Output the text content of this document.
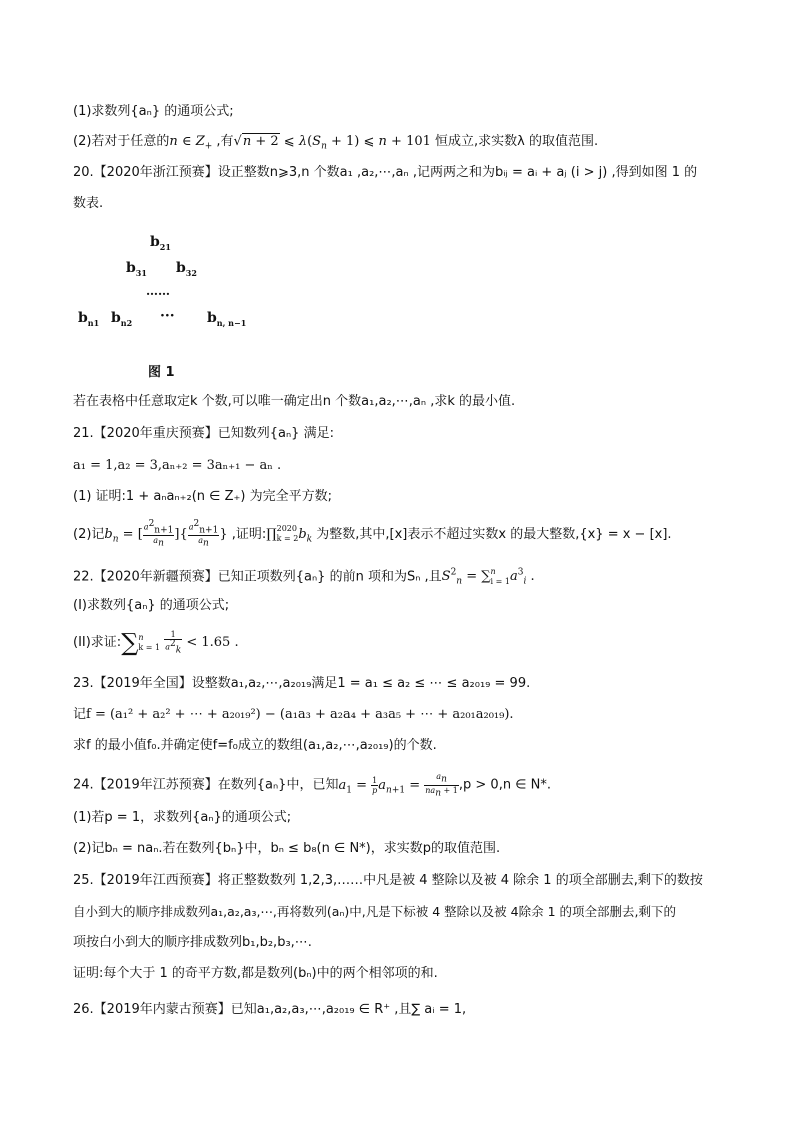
(1)求数列{aₙ} 的通项公式;
(2)若对于任意的n ∈ $Z_+$ ,有√n + 2 ⩽ $\lambda(S_n + 1)$ ⩽ n + 101 恒成立,求实数λ 的取值范围.
20.【2020年浙江预赛】设正整数n⩾3,n 个数a₁ ,a₂,⋯,aₙ ,记两两之和为bᵢⱼ = aᵢ + aⱼ (i > j) ,得到如图 1 的
数表.
$b_{21}$
$b_{31}$ $b_{32}$
……
$b_{n1}$ $b_{n2}$ ··· $b_{n, n-1}$
图 1
若在表格中任意取定k 个数,可以唯一确定出n 个数a₁,a₂,⋯,aₙ ,求k 的最小值.
21.【2020年重庆预赛】已知数列{aₙ} 满足:
a₁ = 1,a₂ = 3,aₙ₊₂ = 3aₙ₊₁ − aₙ .
(1) 证明:1 + aₙaₙ₊₂(n ∈ Z₊) 为完全平方数;
(2)记$b_n$ = [ $\frac{a^2_{n+1}}{a_n}$ ]{ $\frac{a^2_{n+1}}{a_n}$ } ,证明:∏ 2020
k = 2 $b_k$ 为整数,其中,[x]表示不超过实数x 的最大整数,{x} = x − [x].
22.【2020年新疆预赛】已知正项数列{aₙ} 的前n 项和为Sₙ ,且$S^2_n$ = ∑ n
i = 1 $a^3_i$ .
(I)求数列{aₙ} 的通项公式;
(II)求证:∑ n
k = 1
$\frac{1}{a^2_k} < 1.65$ .
23.【2019年全国】设整数a₁,a₂,⋯,a₂₀₁₉满足1 = a₁ ≤ a₂ ≤ ⋯ ≤ a₂₀₁₉ = 99.
记f = (a₁² + a₂² + ⋯ + a₂₀₁₉²) − (a₁a₃ + a₂a₄ + a₃a₅ + ⋯ + a₂₀₁a₂₀₁₉).
求f 的最小值f₀.并确定使f=f₀成立的数组(a₁,a₂,⋯,a₂₀₁₉)的个数.
24.【2019年江苏预赛】在数列{aₙ}中，已知$a_1 = \frac{1}{p} a_{n+1} = \frac{a_n}{na_n + 1} ,p > 0,n$ ∈ N*.
(1)若p = 1，求数列{aₙ}的通项公式;
(2)记bₙ = naₙ.若在数列{bₙ}中，bₙ ≤ b₈(n ∈ N*)，求实数p的取值范围.
25.【2019年江西预赛】将正整数数列 1,2,3,……中凡是被 4 整除以及被 4 除余 1 的项全部删去,剩下的数按
自小到大的顺序排成数列a₁,a₂,a₃,⋯,再将数列(aₙ)中,凡是下标被 4 整除以及被 4除余 1 的项全部删去,剩下的
项按白小到大的顺序排成数列b₁,b₂,b₃,⋯.
证明:每个大于 1 的奇平方数,都是数列(bₙ)中的两个相邻项的和.
26.【2019年内蒙古预赛】已知a₁,a₂,a₃,⋯,a₂₀₁₉ ∈ R⁺ ,且∑ aᵢ = 1,
